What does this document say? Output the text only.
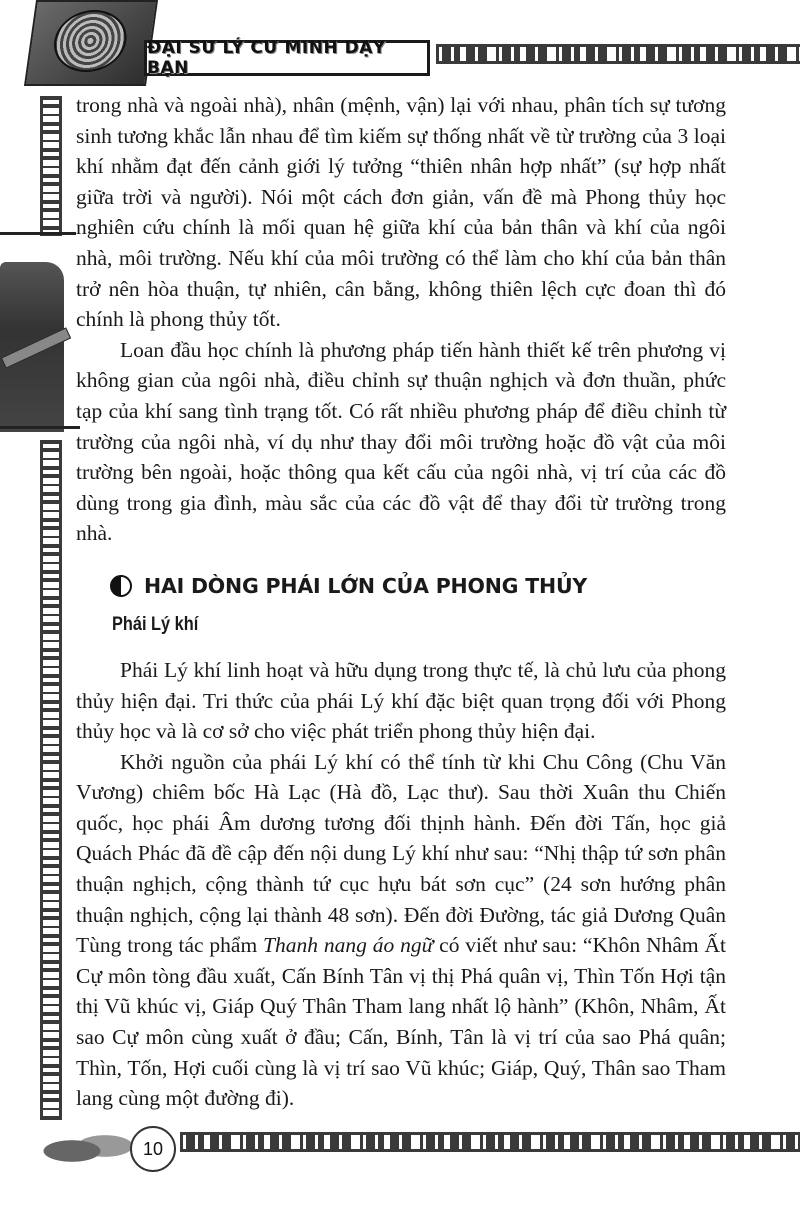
ĐẠI SƯ LÝ CƯ MINH DẠY BẠN

trong nhà và ngoài nhà), nhân (mệnh, vận) lại với nhau, phân tích sự tương sinh tương khắc lẫn nhau để tìm kiếm sự thống nhất về từ trường của 3 loại khí nhằm đạt đến cảnh giới lý tưởng “thiên nhân hợp nhất” (sự hợp nhất giữa trời và người). Nói một cách đơn giản, vấn đề mà Phong thủy học nghiên cứu chính là mối quan hệ giữa khí của bản thân và khí của ngôi nhà, môi trường. Nếu khí của môi trường có thể làm cho khí của bản thân trở nên hòa thuận, tự nhiên, cân bằng, không thiên lệch cực đoan thì đó chính là phong thủy tốt.

Loan đầu học chính là phương pháp tiến hành thiết kế trên phương vị không gian của ngôi nhà, điều chỉnh sự thuận nghịch và đơn thuần, phức tạp của khí sang tình trạng tốt. Có rất nhiều phương pháp để điều chỉnh từ trường của ngôi nhà, ví dụ như thay đổi môi trường hoặc đồ vật của môi trường bên ngoài, hoặc thông qua kết cấu của ngôi nhà, vị trí của các đồ dùng trong gia đình, màu sắc của các đồ vật để thay đổi từ trường trong nhà.

HAI DÒNG PHÁI LỚN CỦA PHONG THỦY
Phái Lý khí

Phái Lý khí linh hoạt và hữu dụng trong thực tế, là chủ lưu của phong thủy hiện đại. Tri thức của phái Lý khí đặc biệt quan trọng đối với Phong thủy học và là cơ sở cho việc phát triển phong thủy hiện đại.

Khởi nguồn của phái Lý khí có thể tính từ khi Chu Công (Chu Văn Vương) chiêm bốc Hà Lạc (Hà đồ, Lạc thư). Sau thời Xuân thu Chiến quốc, học phái Âm dương tương đối thịnh hành. Đến đời Tấn, học giả Quách Phác đã đề cập đến nội dung Lý khí như sau: “Nhị thập tứ sơn phân thuận nghịch, cộng thành tứ cục hựu bát sơn cục” (24 sơn hướng phân thuận nghịch, cộng lại thành 48 sơn). Đến đời Đường, tác giả Dương Quân Tùng trong tác phẩm Thanh nang áo ngữ có viết như sau: “Khôn Nhâm Ất Cự môn tòng đầu xuất, Cấn Bính Tân vị thị Phá quân vị, Thìn Tốn Hợi tận thị Vũ khúc vị, Giáp Quý Thân Tham lang nhất lộ hành” (Khôn, Nhâm, Ất sao Cự môn cùng xuất ở đầu; Cấn, Bính, Tân là vị trí của sao Phá quân; Thìn, Tốn, Hợi cuối cùng là vị trí sao Vũ khúc; Giáp, Quý, Thân sao Tham lang cùng một đường đi).

10
